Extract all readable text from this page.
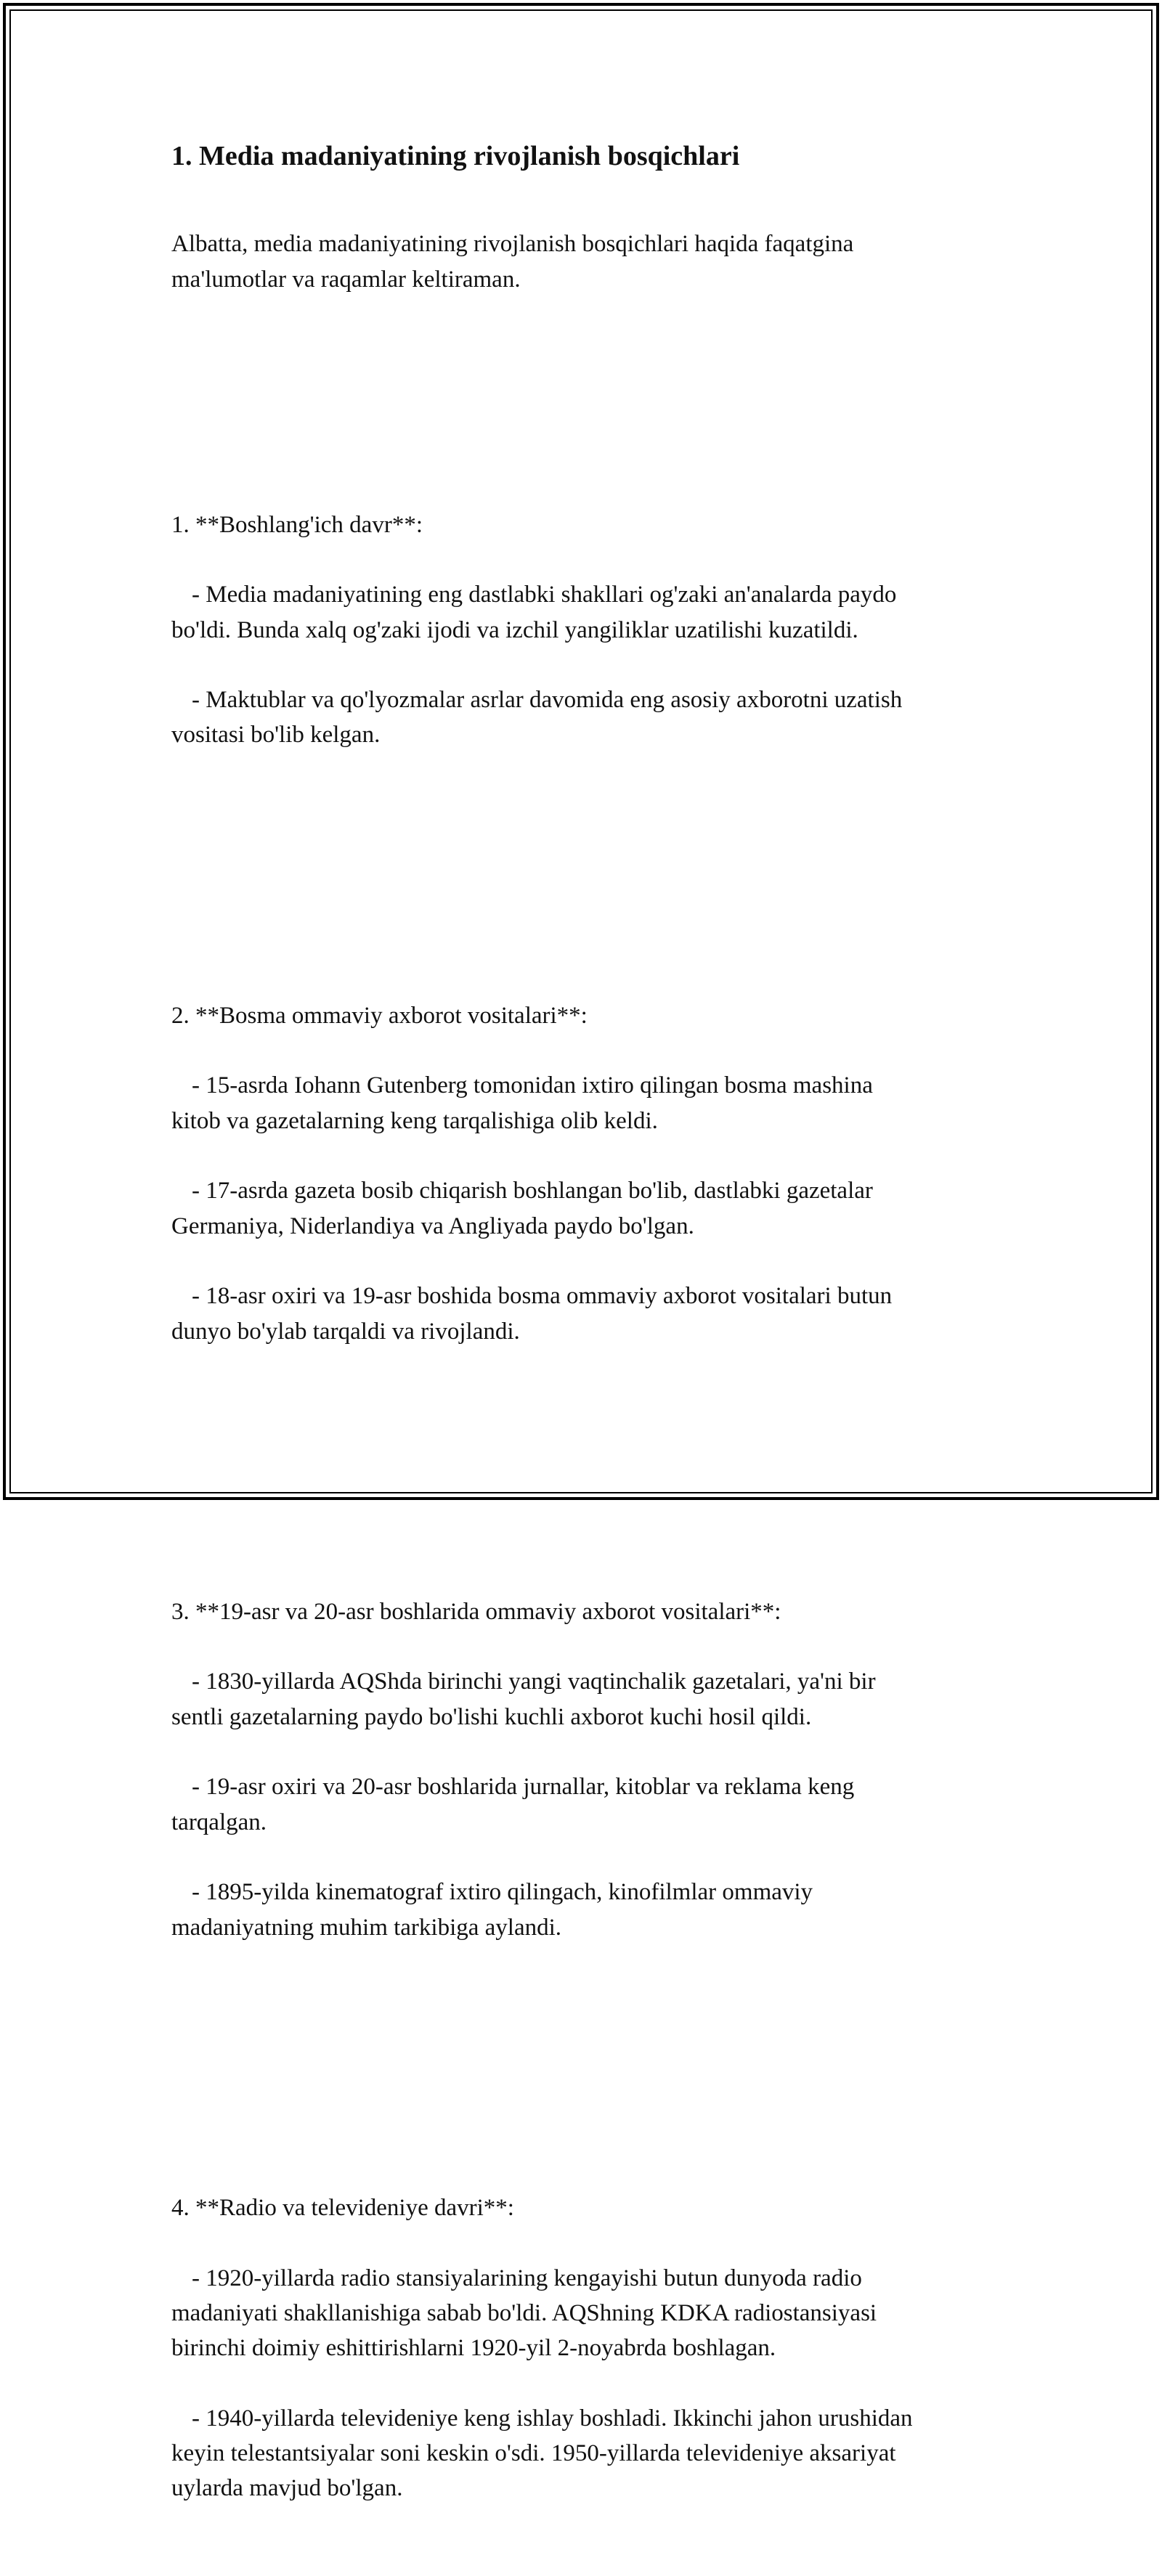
1. Media madaniyatining rivojlanish bosqichlari

Albatta, media madaniyatining rivojlanish bosqichlari haqida faqatgina
ma'lumotlar va raqamlar keltiraman.

1. **Boshlang'ich davr**:

- Media madaniyatining eng dastlabki shakllari og'zaki an'analarda paydo
bo'ldi. Bunda xalq og'zaki ijodi va izchil yangiliklar uzatilishi kuzatildi.

- Maktublar va qo'lyozmalar asrlar davomida eng asosiy axborotni uzatish
vositasi bo'lib kelgan.

2. **Bosma ommaviy axborot vositalari**:

- 15-asrda Iohann Gutenberg tomonidan ixtiro qilingan bosma mashina
kitob va gazetalarning keng tarqalishiga olib keldi.

- 17-asrda gazeta bosib chiqarish boshlangan bo'lib, dastlabki gazetalar
Germaniya, Niderlandiya va Angliyada paydo bo'lgan.

- 18-asr oxiri va 19-asr boshida bosma ommaviy axborot vositalari butun
dunyo bo'ylab tarqaldi va rivojlandi.

3. **19-asr va 20-asr boshlarida ommaviy axborot vositalari**:

- 1830-yillarda AQShda birinchi yangi vaqtinchalik gazetalari, ya'ni bir
sentli gazetalarning paydo bo'lishi kuchli axborot kuchi hosil qildi.

- 19-asr oxiri va 20-asr boshlarida jurnallar, kitoblar va reklama keng
tarqalgan.

- 1895-yilda kinematograf ixtiro qilingach, kinofilmlar ommaviy
madaniyatning muhim tarkibiga aylandi.

4. **Radio va televideniye davri**:

- 1920-yillarda radio stansiyalarining kengayishi butun dunyoda radio
madaniyati shakllanishiga sabab bo'ldi. AQShning KDKA radiostansiyasi
birinchi doimiy eshittirishlarni 1920-yil 2-noyabrda boshlagan.

- 1940-yillarda televideniye keng ishlay boshladi. Ikkinchi jahon urushidan
keyin telestantsiyalar soni keskin o'sdi. 1950-yillarda televideniye aksariyat
uylarda mavjud bo'lgan.
